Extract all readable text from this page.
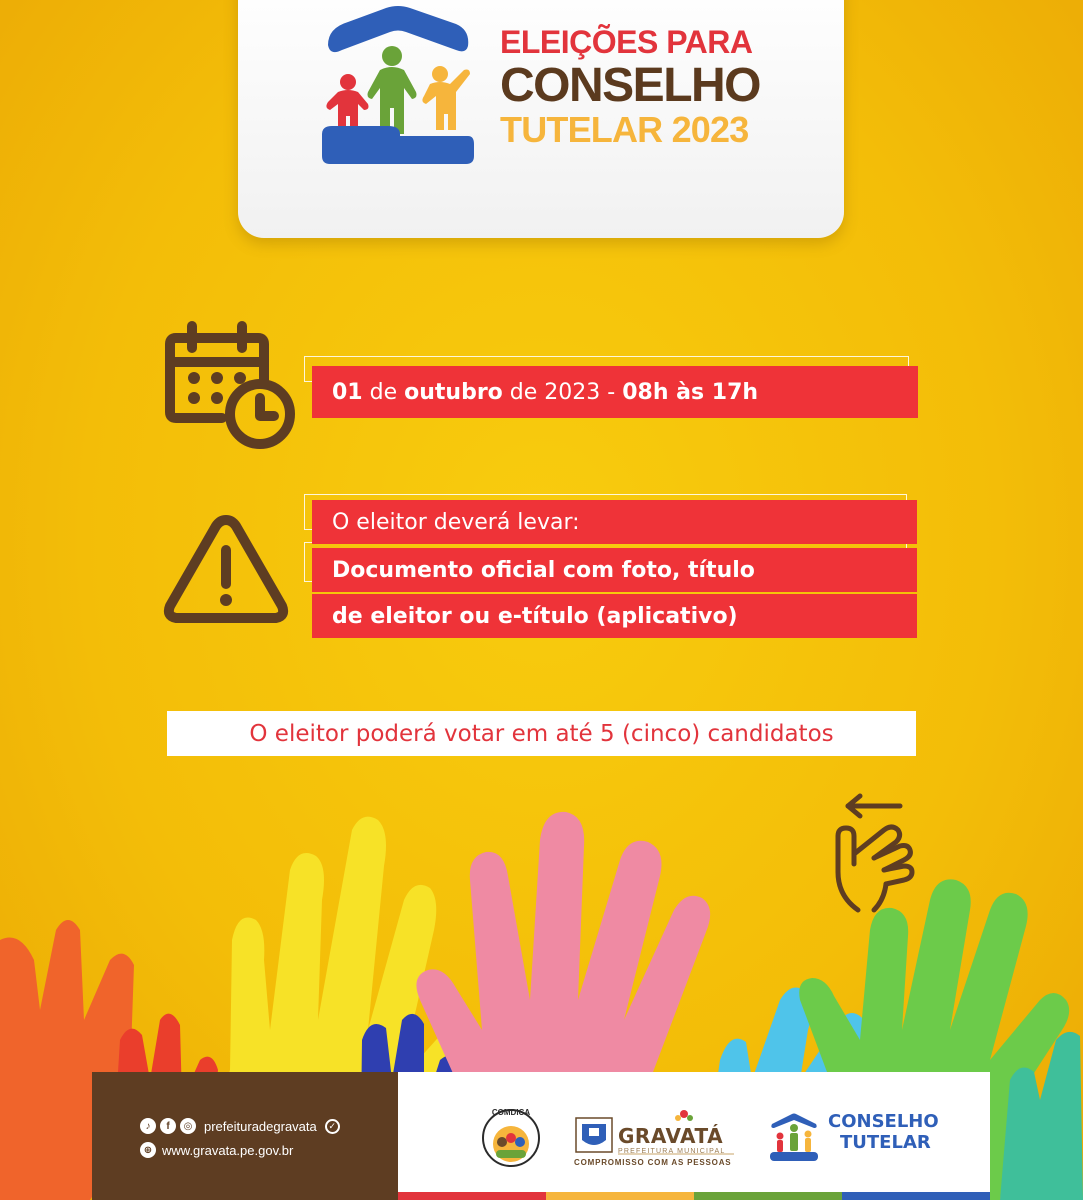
ELEIÇÕES PARA
CONSELHO
TUTELAR 2023
01
de
outubro
de 2023 -
08h às 17h
O eleitor deverá levar:
Documento oficial com foto, título
de eleitor ou e-título (aplicativo)
O eleitor poderá votar em até 5 (cinco) candidatos
♪	f	◎ prefeituradegravata	✓
⊕ www.gravata.pe.gov.br
COMDICA
GRAVATÁ
PREFEITURA MUNICIPAL
COMPROMISSO COM AS PESSOAS
CONSELHO
TUTELAR
